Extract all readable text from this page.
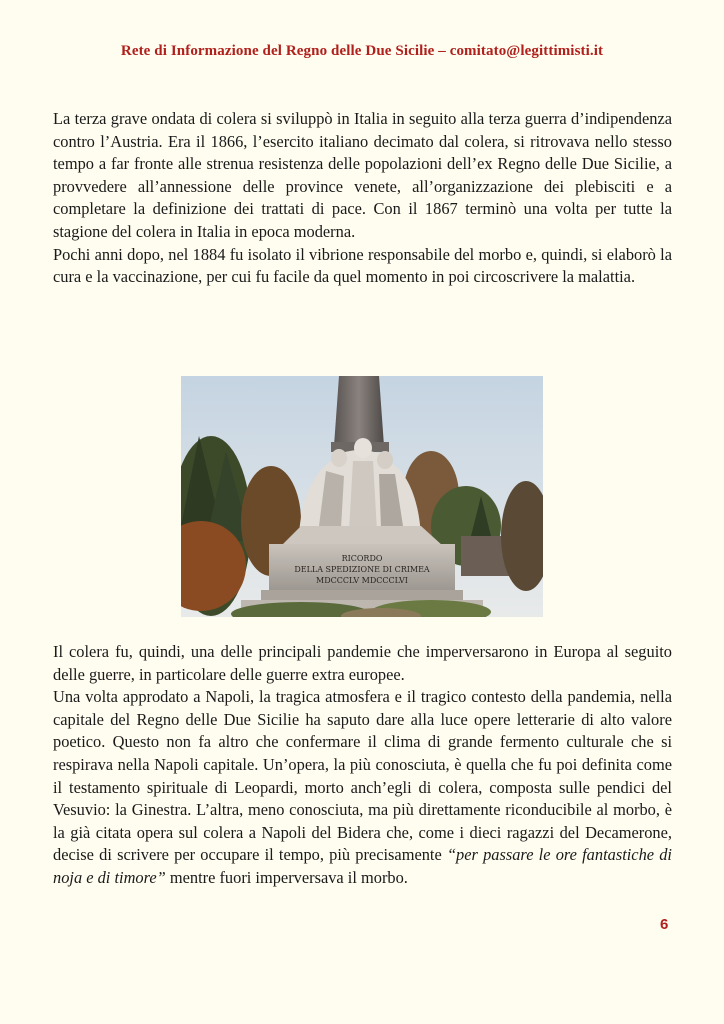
Rete di Informazione del Regno delle Due Sicilie – comitato@legittimisti.it

La terza grave ondata di colera si sviluppò in Italia in seguito alla terza guerra d’indipendenza contro l’Austria. Era il 1866, l’esercito italiano decimato dal colera, si ritrovava nello stesso tempo a far fronte alle strenua resistenza delle popolazioni dell’ex Regno delle Due Sicilie, a provvedere all’annessione delle province venete, all’organizzazione dei plebisciti e a completare la definizione dei trattati di pace. Con il 1867 terminò una volta per tutte la stagione del colera in Italia in epoca moderna.

Pochi anni dopo, nel 1884 fu isolato il vibrione responsabile del morbo e, quindi, si elaborò la cura e la vaccinazione, per cui fu facile da quel momento in poi circoscrivere la malattia.

RICORDO
DELLA SPEDIZIONE DI CRIMEA
MDCCCLV MDCCCLVI

Il colera fu, quindi, una delle principali pandemie che imperversarono in Europa al seguito delle guerre, in particolare delle guerre extra europee.

Una volta approdato a Napoli, la tragica atmosfera e il tragico contesto della pandemia, nella capitale del Regno delle Due Sicilie ha saputo dare alla luce opere letterarie di alto valore poetico. Questo non fa altro che confermare il clima di grande fermento culturale che si respirava nella Napoli capitale. Un’opera, la più conosciuta, è quella che fu poi definita come il testamento spirituale di Leopardi, morto anch’egli di colera, composta sulle pendici del Vesuvio: la Ginestra. L’altra, meno conosciuta, ma più direttamente riconducibile al morbo, è la già citata opera sul colera a Napoli del Bidera che, come i dieci ragazzi del Decamerone, decise di scrivere per occupare il tempo, più precisamente “per passare le ore fantastiche di noja e di timore” mentre fuori imperversava il morbo.

6
